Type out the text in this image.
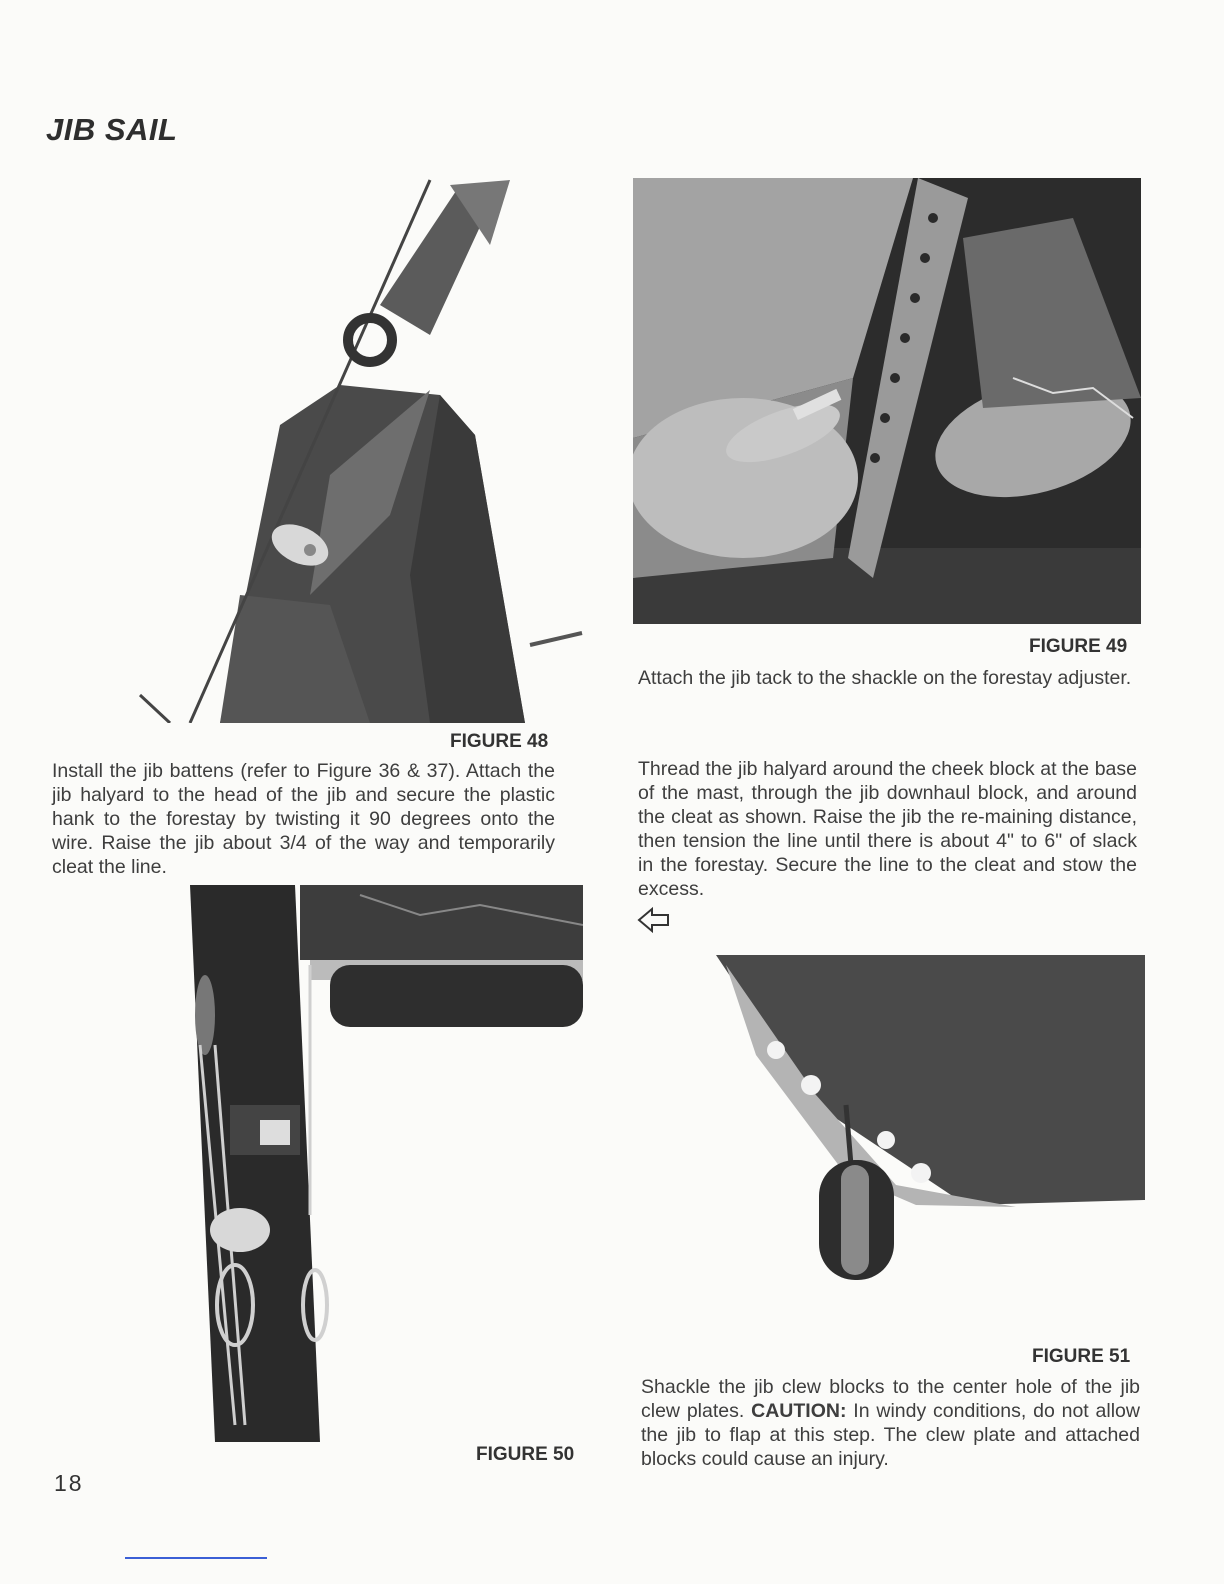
JIB SAIL
FIGURE 48

Install the jib battens (refer to Figure 36 & 37). Attach the jib halyard to the head of the jib and secure the plastic hank to the forestay by twisting it 90 degrees onto the wire. Raise the jib about 3/4 of the way and temporarily cleat the line.

FIGURE 49

Attach the jib tack to the shackle on the forestay adjuster.

Thread the jib halyard around the cheek block at the base of the mast, through the jib downhaul block, and around the cleat as shown. Raise the jib the re-maining distance, then tension the line until there is about 4" to 6" of slack in the forestay. Secure the line to the cleat and stow the excess.

FIGURE 50
FIGURE 51

Shackle the jib clew blocks to the center hole of the jib clew plates. CAUTION: In windy conditions, do not allow the jib to flap at this step. The clew plate and attached blocks could cause an injury.

18
